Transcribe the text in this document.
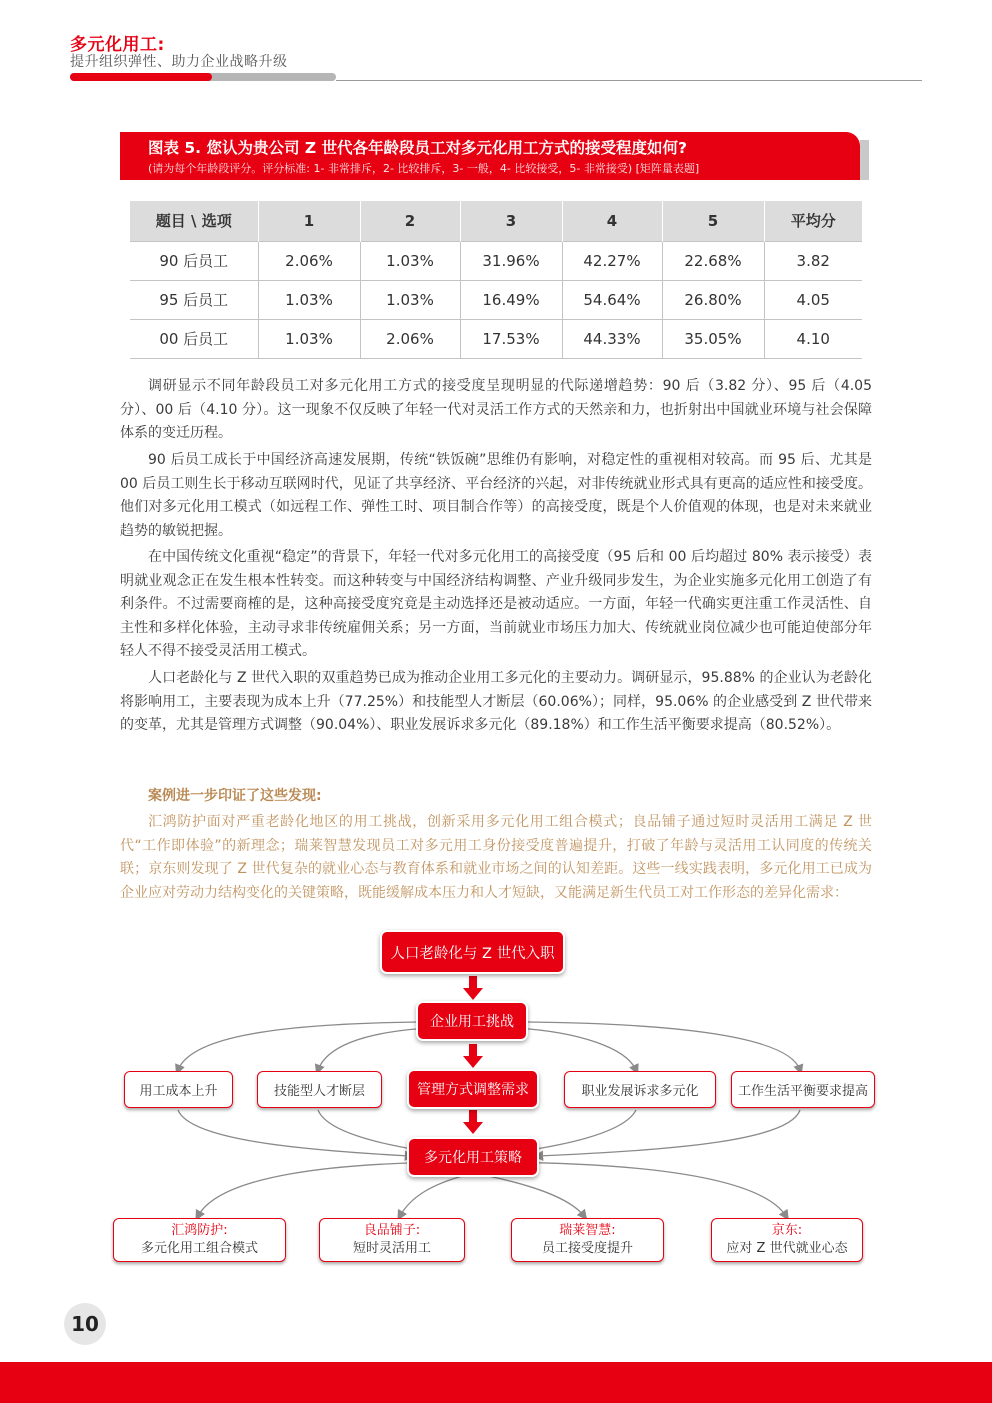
多元化用工:
提升组织弹性、助力企业战略升级
图表 5. 您认为贵公司 Z 世代各年龄段员工对多元化用工方式的接受程度如何?
(请为每个年龄段评分。评分标准: 1- 非常排斥，2- 比较排斥，3- 一般，4- 比较接受，5- 非常接受) [矩阵量表题]
题目 \ 选项	1	2	3	4	5	平均分
90 后员工	2.06%	1.03%	31.96%	42.27%	22.68%	3.82
95 后员工	1.03%	1.03%	16.49%	54.64%	26.80%	4.05
00 后员工	1.03%	2.06%	17.53%	44.33%	35.05%	4.10

调研显示不同年龄段员工对多元化用工方式的接受度呈现明显的代际递增趋势：90 后（3.82 分）、95 后（4.05 分）、00 后（4.10 分）。这一现象不仅反映了年轻一代对灵活工作方式的天然亲和力，也折射出中国就业环境与社会保障体系的变迁历程。

90 后员工成长于中国经济高速发展期，传统“铁饭碗”思维仍有影响，对稳定性的重视相对较高。而 95 后、尤其是 00 后员工则生长于移动互联网时代，见证了共享经济、平台经济的兴起，对非传统就业形式具有更高的适应性和接受度。他们对多元化用工模式（如远程工作、弹性工时、项目制合作等）的高接受度，既是个人价值观的体现，也是对未来就业趋势的敏锐把握。

在中国传统文化重视“稳定”的背景下，年轻一代对多元化用工的高接受度（95 后和 00 后均超过 80% 表示接受）表明就业观念正在发生根本性转变。而这种转变与中国经济结构调整、产业升级同步发生，为企业实施多元化用工创造了有利条件。不过需要商榷的是，这种高接受度究竟是主动选择还是被动适应。一方面，年轻一代确实更注重工作灵活性、自主性和多样化体验，主动寻求非传统雇佣关系；另一方面，当前就业市场压力加大、传统就业岗位减少也可能迫使部分年轻人不得不接受灵活用工模式。

人口老龄化与 Z 世代入职的双重趋势已成为推动企业用工多元化的主要动力。调研显示，95.88% 的企业认为老龄化将影响用工，主要表现为成本上升（77.25%）和技能型人才断层（60.06%）；同样，95.06% 的企业感受到 Z 世代带来的变革，尤其是管理方式调整（90.04%）、职业发展诉求多元化（89.18%）和工作生活平衡要求提高（80.52%）。

案例进一步印证了这些发现:

汇鸿防护面对严重老龄化地区的用工挑战，创新采用多元化用工组合模式；良品铺子通过短时灵活用工满足 Z 世代“工作即体验”的新理念；瑞莱智慧发现员工对多元用工身份接受度普遍提升，打破了年龄与灵活用工认同度的传统关联；京东则发现了 Z 世代复杂的就业心态与教育体系和就业市场之间的认知差距。这些一线实践表明，多元化用工已成为企业应对劳动力结构变化的关键策略，既能缓解成本压力和人才短缺，又能满足新生代员工对工作形态的差异化需求：

人口老龄化与 Z 世代入职
企业用工挑战
用工成本上升	技能型人才断层	管理方式调整需求	职业发展诉求多元化	工作生活平衡要求提高
多元化用工策略
汇鸿防护:
多元化用工组合模式
良品铺子:
短时灵活用工
瑞莱智慧:
员工接受度提升
京东:
应对 Z 世代就业心态
10
